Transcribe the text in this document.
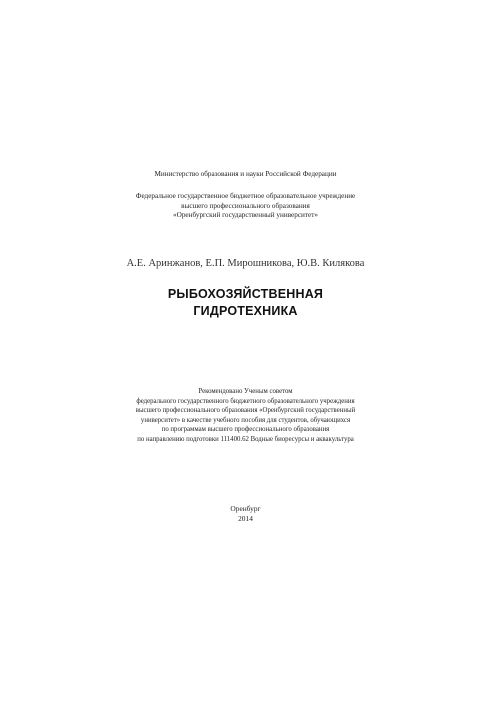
Министерство образования и науки Российской Федерации
Федеральное государственное бюджетное образовательное учреждение
высшего профессионального образования
«Оренбургский государственный университет»
А.Е. Аринжанов, Е.П. Мирошникова, Ю.В. Килякова
РЫБОХОЗЯЙСТВЕННАЯ
ГИДРОТЕХНИКА
Рекомендовано Ученым советом
федерального государственного бюджетного образовательного учреждения
высшего профессионального образования «Оренбургский государственный
университет» в качестве учебного пособия для студентов, обучающихся
по программам высшего профессионального образования
по направлению подготовки 111400.62 Водные биоресурсы и аквакультура
Оренбург
2014
